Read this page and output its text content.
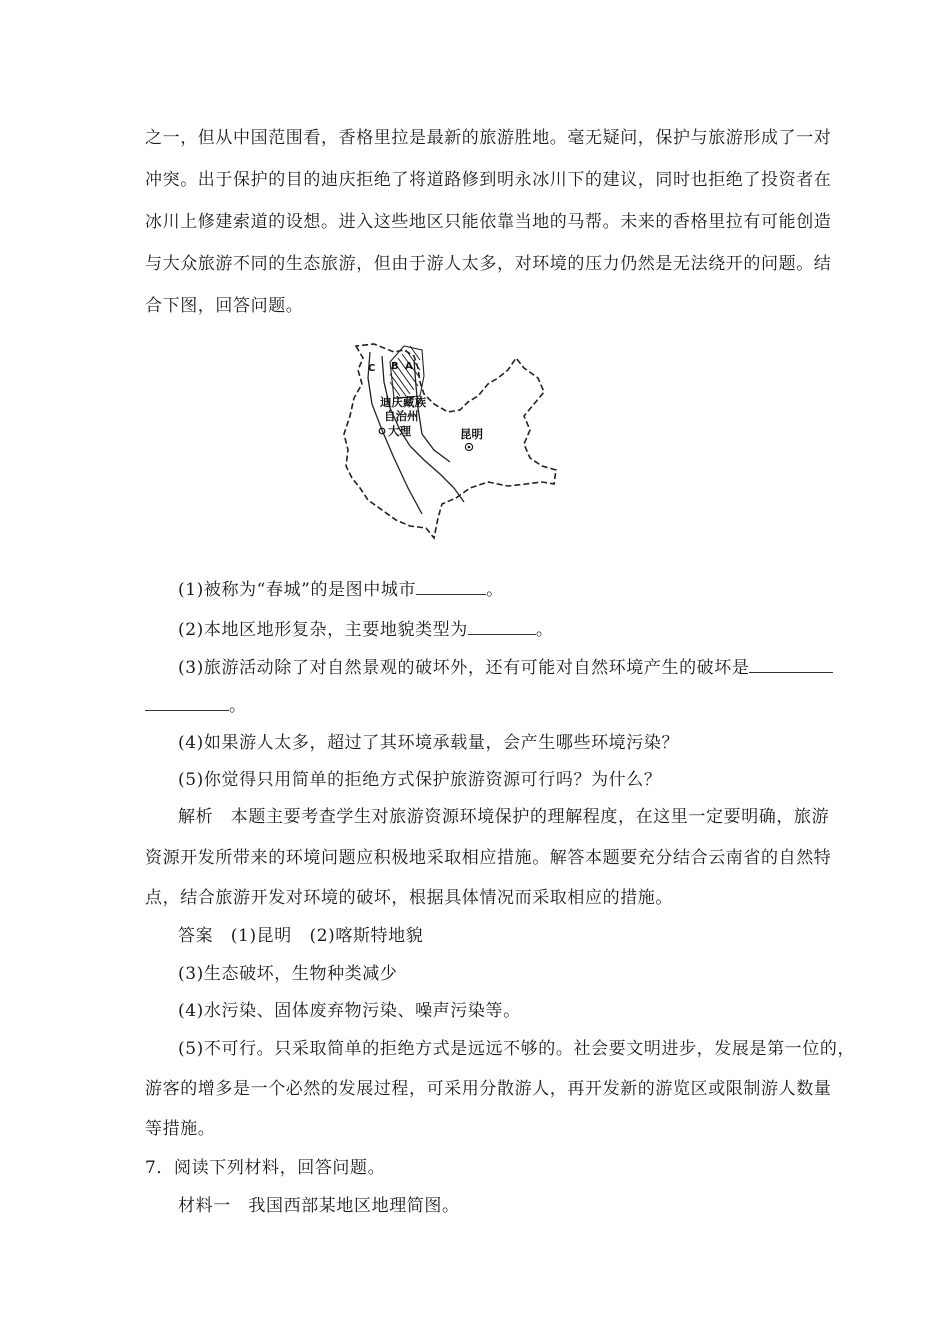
之一，但从中国范围看，香格里拉是最新的旅游胜地。毫无疑问，保护与旅游形成了一对
冲突。出于保护的目的迪庆拒绝了将道路修到明永冰川下的建议，同时也拒绝了投资者在
冰川上修建索道的设想。进入这些地区只能依靠当地的马帮。未来的香格里拉有可能创造
与大众旅游不同的生态旅游，但由于游人太多，对环境的压力仍然是无法绕开的问题。结
合下图，回答问题。
C B A
迪庆藏族
自治州
大理	昆明
(1)被称为“春城”的是图中城市	。
(2)本地区地形复杂，主要地貌类型为	。
(3)旅游活动除了对自然景观的破坏外，还有可能对自然环境产生的破坏是
。
(4)如果游人太多，超过了其环境承载量，会产生哪些环境污染？
(5)你觉得只用简单的拒绝方式保护旅游资源可行吗？为什么？
解析　本题主要考查学生对旅游资源环境保护的理解程度，在这里一定要明确，旅游
资源开发所带来的环境问题应积极地采取相应措施。解答本题要充分结合云南省的自然特
点，结合旅游开发对环境的破坏，根据具体情况而采取相应的措施。
答案　(1)昆明　(2)喀斯特地貌
(3)生态破坏，生物种类减少
(4)水污染、固体废弃物污染、噪声污染等。
(5)不可行。只采取简单的拒绝方式是远远不够的。社会要文明进步，发展是第一位的，
游客的增多是一个必然的发展过程，可采用分散游人，再开发新的游览区或限制游人数量
等措施。
7．阅读下列材料，回答问题。
材料一　我国西部某地区地理简图。
